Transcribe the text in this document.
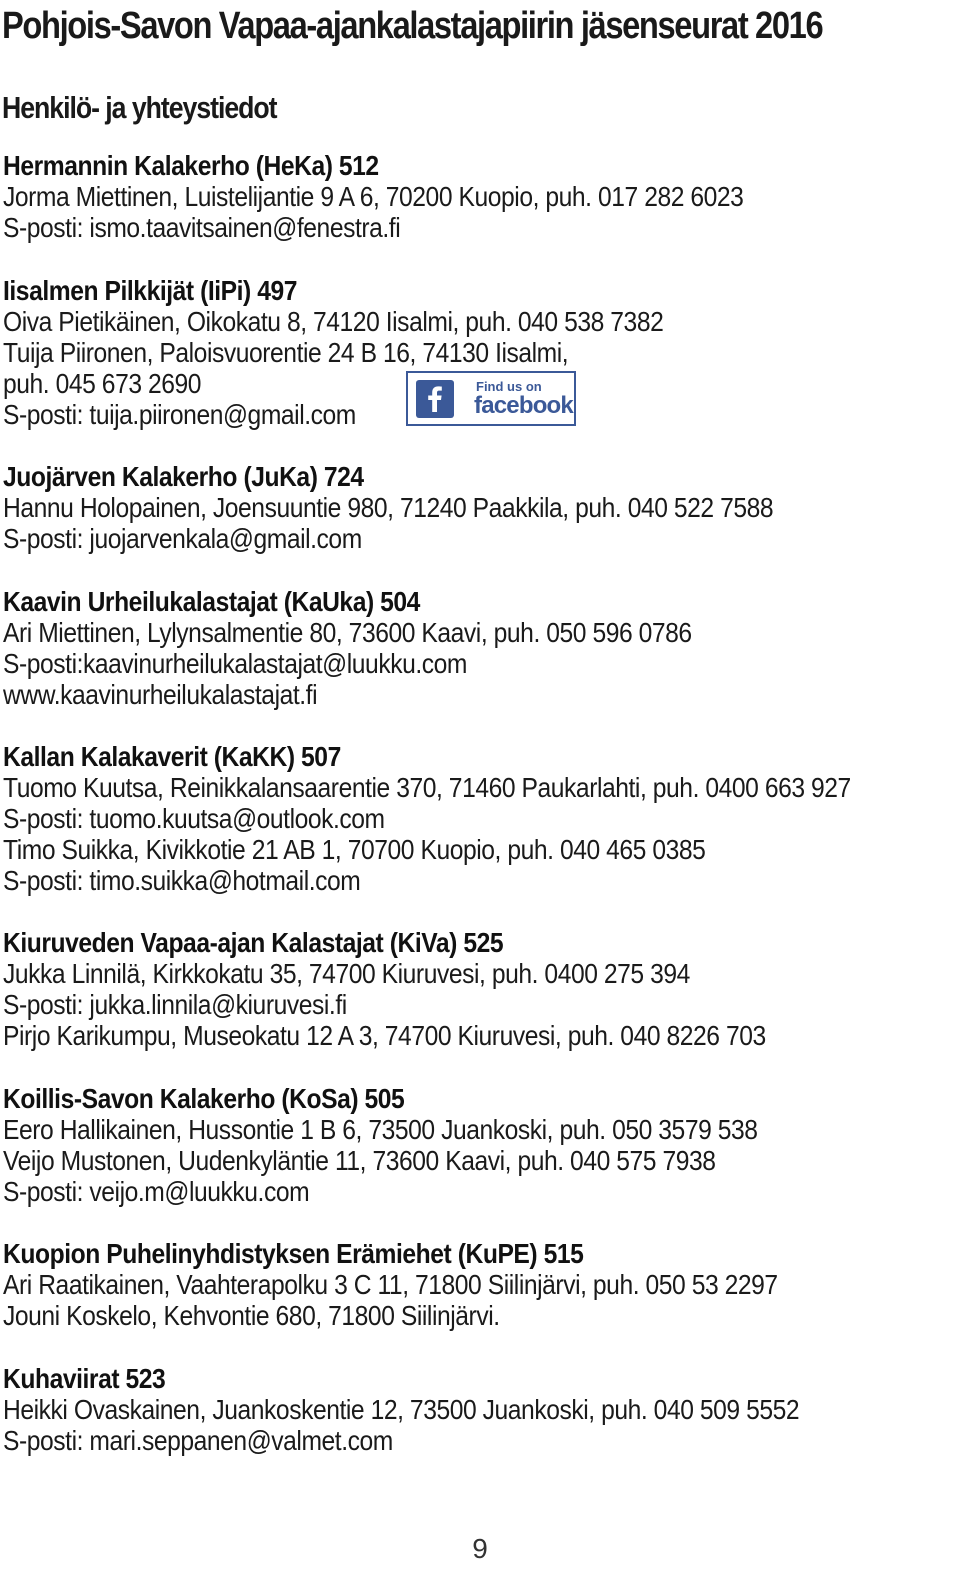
Pohjois-Savon Vapaa-ajankalastajapiirin jäsenseurat 2016
Henkilö- ja yhteystiedot
Hermannin Kalakerho (HeKa) 512
Jorma Miettinen, Luistelijantie 9 A 6, 70200 Kuopio, puh. 017 282 6023
S-posti: ismo.taavitsainen@fenestra.fi
Iisalmen Pilkkijät (IiPi) 497
Oiva Pietikäinen, Oikokatu 8, 74120 Iisalmi, puh. 040 538 7382
Tuija Piironen, Paloisvuorentie 24 B 16, 74130 Iisalmi,
puh. 045 673 2690
S-posti: tuija.piironen@gmail.com
Find us on
facebook
Juojärven Kalakerho (JuKa) 724
Hannu Holopainen, Joensuuntie 980, 71240 Paakkila, puh. 040 522 7588
S-posti: juojarvenkala@gmail.com
Kaavin Urheilukalastajat (KaUka) 504
Ari Miettinen, Lylynsalmentie 80, 73600 Kaavi, puh. 050 596 0786
S-posti:kaavinurheilukalastajat@luukku.com
www.kaavinurheilukalastajat.fi
Kallan Kalakaverit (KaKK) 507
Tuomo Kuutsa, Reinikkalansaarentie 370, 71460 Paukarlahti, puh. 0400 663 927
S-posti: tuomo.kuutsa@outlook.com
Timo Suikka, Kivikkotie 21 AB 1, 70700 Kuopio, puh. 040 465 0385
S-posti: timo.suikka@hotmail.com
Kiuruveden Vapaa-ajan Kalastajat (KiVa) 525
Jukka Linnilä, Kirkkokatu 35, 74700 Kiuruvesi, puh. 0400 275 394
S-posti: jukka.linnila@kiuruvesi.fi
Pirjo Karikumpu, Museokatu 12 A 3, 74700 Kiuruvesi, puh. 040 8226 703
Koillis-Savon Kalakerho (KoSa) 505
Eero Hallikainen, Hussontie 1 B 6, 73500 Juankoski, puh. 050 3579 538
Veijo Mustonen, Uudenkyläntie 11, 73600 Kaavi, puh. 040 575 7938
S-posti: veijo.m@luukku.com
Kuopion Puhelinyhdistyksen Erämiehet (KuPE) 515
Ari Raatikainen, Vaahterapolku 3 C 11, 71800 Siilinjärvi, puh. 050 53 2297
Jouni Koskelo, Kehvontie 680, 71800 Siilinjärvi.
Kuhaviirat 523
Heikki Ovaskainen, Juankoskentie 12, 73500 Juankoski, puh. 040 509 5552
S-posti: mari.seppanen@valmet.com
9
